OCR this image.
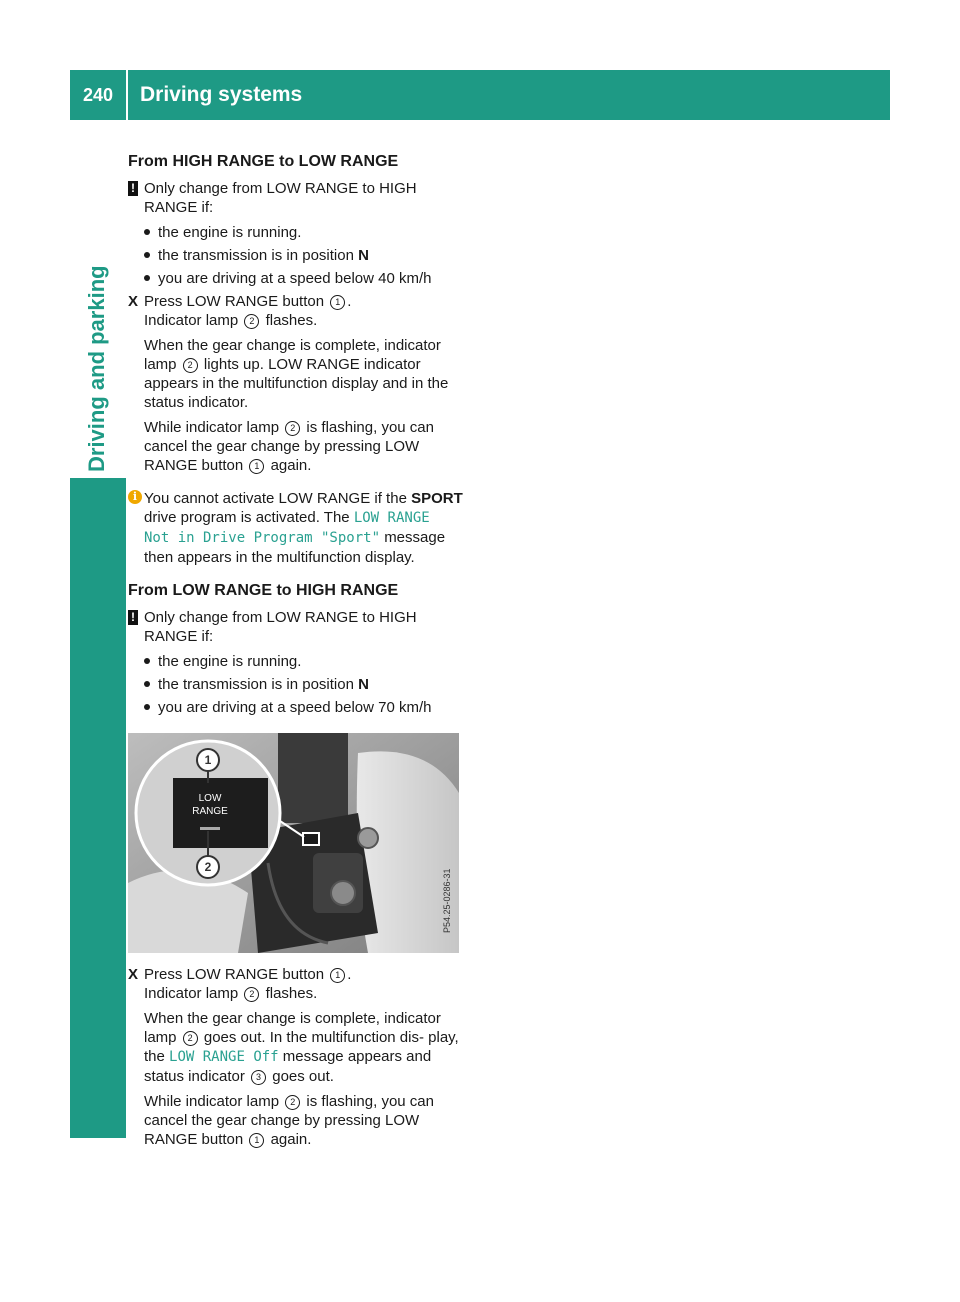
240	Driving systems
Driving and parking
From HIGH RANGE to LOW RANGE
! Only change from LOW RANGE to HIGH RANGE if:
the engine is running.
the transmission is in position N
you are driving at a speed below 40 km/h
X Press LOW RANGE button 1 .
Indicator lamp 2 flashes.
When the gear change is complete, indicator lamp 2 lights up. LOW RANGE indicator appears in the multifunction display and in the status indicator.
While indicator lamp 2 is flashing, you can cancel the gear change by pressing LOW RANGE button 1 again.
i You cannot activate LOW RANGE if the SPORT drive program is activated. The LOW RANGE Not in Drive Program "Sport" message then appears in the multifunction display.
From LOW RANGE to HIGH RANGE
! Only change from LOW RANGE to HIGH RANGE if:
the engine is running.
the transmission is in position N
you are driving at a speed below 70 km/h
LOW
RANGE
1
2
P54.25-0286-31
X Press LOW RANGE button 1 .
Indicator lamp 2 flashes.
When the gear change is complete, indicator lamp 2 goes out. In the multifunction dis- play, the LOW RANGE Off message appears and status indicator 3 goes out.
While indicator lamp 2 is flashing, you can cancel the gear change by pressing LOW RANGE button 1 again.
